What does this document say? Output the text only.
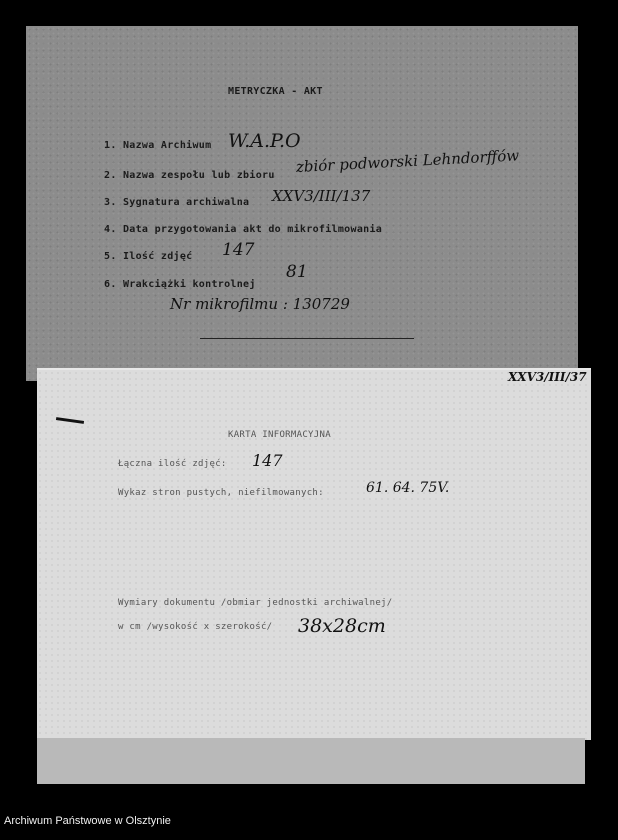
METRYCZKA - AKT
1. Nazwa Archiwum W.A.P.O
2. Nazwa zespołu lub zbioru zbiór podworski Lehndorffów
3. Sygnatura archiwalna XXV3/III/137
4. Data przygotowania akt do mikrofilmowania
5. Ilość zdjęć 147
6. Wrakciążki kontrolnej
81
Nr mikrofilmu : 130729
XXV3/III/37
KARTA INFORMACYJNA
Łączna ilość zdjęć: 147
Wykaz stron pustych, niefilmowanych:	61. 64. 75V.
Wymiary dokumentu /obmiar jednostki archiwalnej/
w cm /wysokość x szerokość/ 38x28cm
Archiwum Państwowe w Olsztynie
